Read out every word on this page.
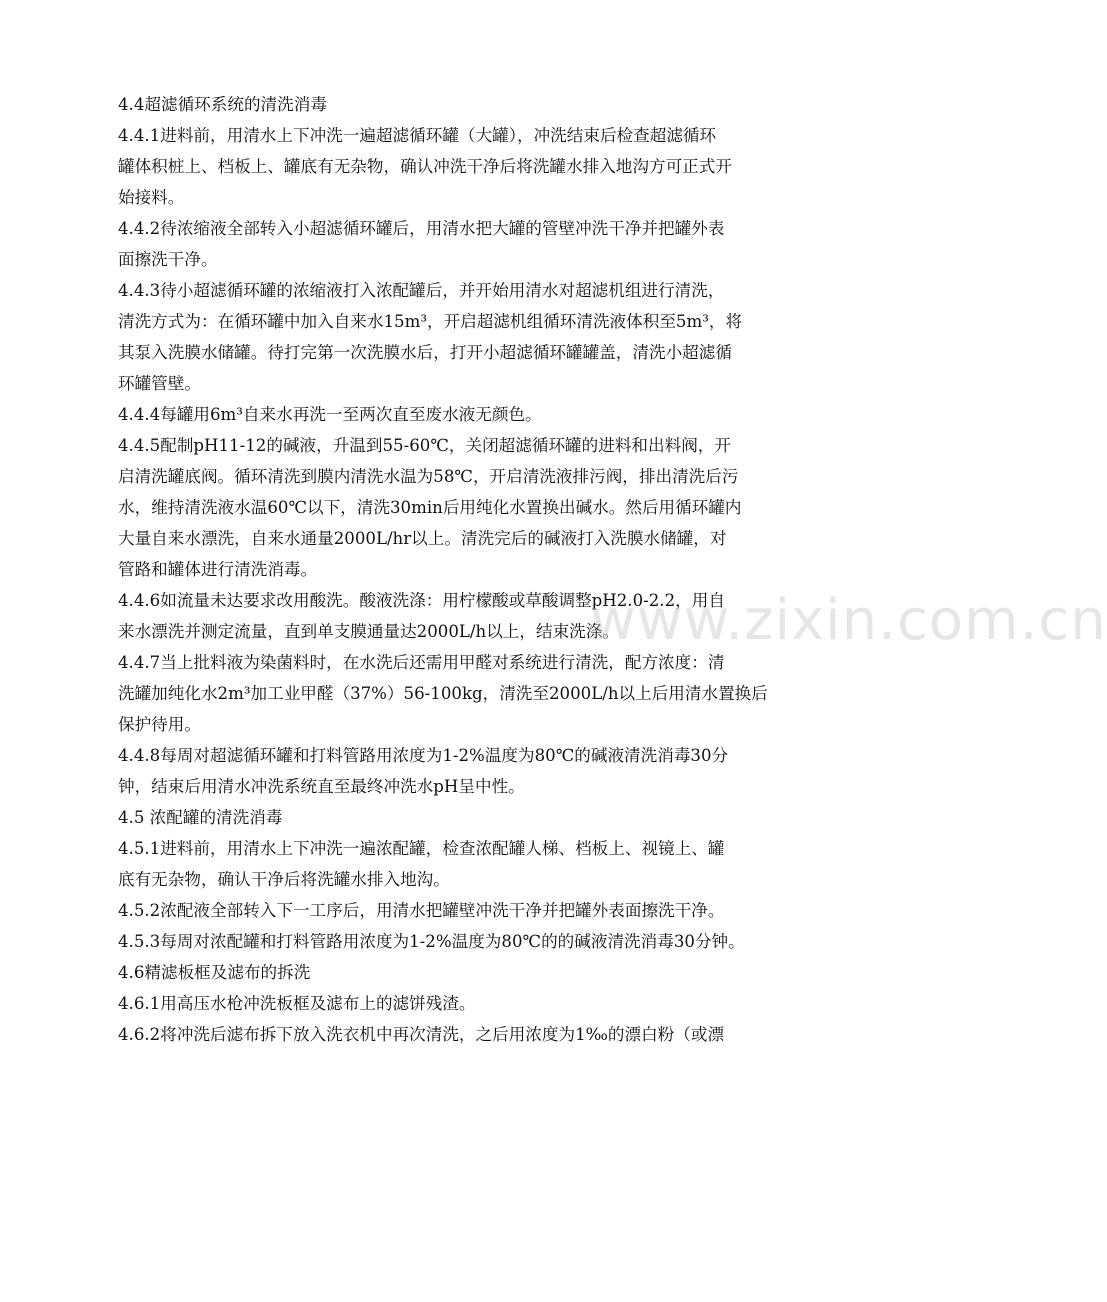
4.4超滤循环系统的清洗消毒
4.4.1进料前，用清水上下冲洗一遍超滤循环罐（大罐），冲洗结束后检查超滤循环
罐体积桩上、档板上、罐底有无杂物，确认冲洗干净后将洗罐水排入地沟方可正式开
始接料。
4.4.2待浓缩液全部转入小超滤循环罐后，用清水把大罐的管壁冲洗干净并把罐外表
面擦洗干净。
4.4.3待小超滤循环罐的浓缩液打入浓配罐后，并开始用清水对超滤机组进行清洗，
清洗方式为：在循环罐中加入自来水15m³，开启超滤机组循环清洗液体积至5m³，将
其泵入洗膜水储罐。待打完第一次洗膜水后，打开小超滤循环罐罐盖，清洗小超滤循
环罐管壁。
4.4.4每罐用6m³自来水再洗一至两次直至废水液无颜色。
4.4.5配制pH11-12的碱液，升温到55-60℃，关闭超滤循环罐的进料和出料阀，开
启清洗罐底阀。循环清洗到膜内清洗水温为58℃，开启清洗液排污阀，排出清洗后污
水，维持清洗液水温60℃以下，清洗30min后用纯化水置换出碱水。然后用循环罐内
大量自来水漂洗，自来水通量2000L/hr以上。清洗完后的碱液打入洗膜水储罐，对
管路和罐体进行清洗消毒。
4.4.6如流量未达要求改用酸洗。酸液洗涤：用柠檬酸或草酸调整pH2.0-2.2，用自
来水漂洗并测定流量，直到单支膜通量达2000L/h以上，结束洗涤。
4.4.7当上批料液为染菌料时，在水洗后还需用甲醛对系统进行清洗，配方浓度：清
洗罐加纯化水2m³加工业甲醛（37%）56-100kg，清洗至2000L/h以上后用清水置换后
保护待用。
4.4.8每周对超滤循环罐和打料管路用浓度为1-2%温度为80℃的碱液清洗消毒30分
钟，结束后用清水冲洗系统直至最终冲洗水pH呈中性。
4.5 浓配罐的清洗消毒
4.5.1进料前，用清水上下冲洗一遍浓配罐，检查浓配罐人梯、档板上、视镜上、罐
底有无杂物，确认干净后将洗罐水排入地沟。
4.5.2浓配液全部转入下一工序后，用清水把罐壁冲洗干净并把罐外表面擦洗干净。
4.5.3每周对浓配罐和打料管路用浓度为1-2%温度为80℃的的碱液清洗消毒30分钟。
4.6精滤板框及滤布的拆洗
4.6.1用高压水枪冲洗板框及滤布上的滤饼残渣。
4.6.2将冲洗后滤布拆下放入洗衣机中再次清洗，之后用浓度为1‰的漂白粉（或漂
www.zixin.com.cn
